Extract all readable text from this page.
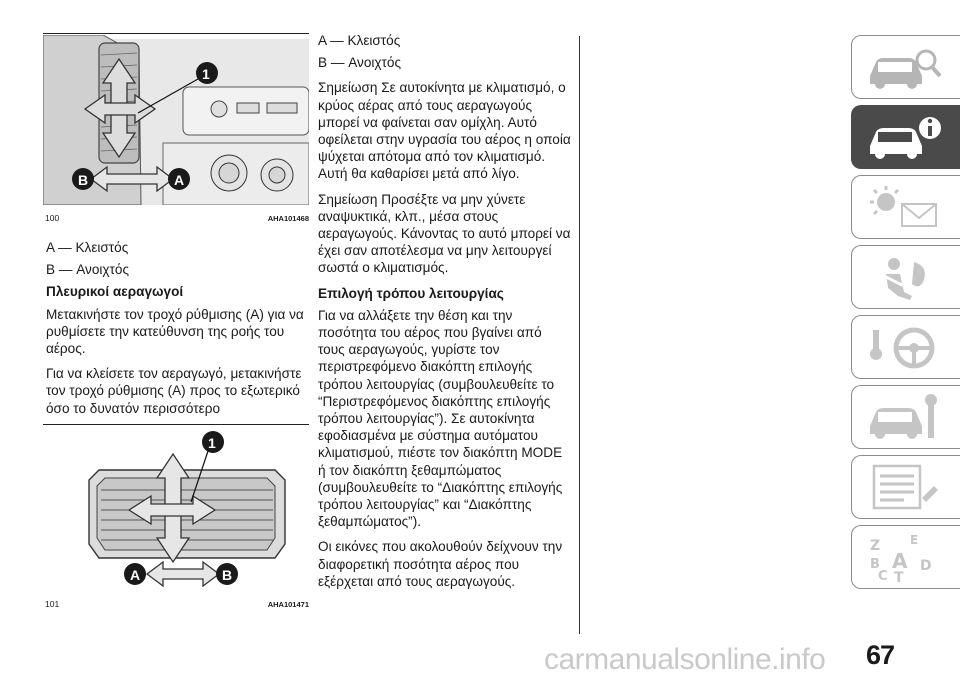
1
B	A
100	AHA101468

A — Κλειστός

B — Ανοιχτός

Πλευρικοί αεραγωγοί

Μετακινήστε τον τροχό ρύθμισης (A) για να ρυθμίσετε την κατεύθυνση της ροής του αέρος.

Για να κλείσετε τον αεραγωγό, μετακινήστε τον τροχό ρύθμισης (A) προς το εξωτερικό όσο το δυνατόν περισσότερο

1
A	B
101	AHA101471

A — Κλειστός

B — Ανοιχτός

Σημείωση Σε αυτοκίνητα με κλιματισμό, ο κρύος αέρας από τους αεραγωγούς μπορεί να φαίνεται σαν ομίχλη. Αυτό οφείλεται στην υγρασία του αέρος η οποία ψύχεται απότομα από τον κλιματισμό. Αυτή θα καθαρίσει μετά από λίγο.

Σημείωση Προσέξτε να μην χύνετε αναψυκτικά, κλπ., μέσα στους αεραγωγούς. Κάνοντας το αυτό μπορεί να έχει σαν αποτέλεσμα να μην λειτουργεί σωστά ο κλιματισμός.

Επιλογή τρόπου λειτουργίας

Για να αλλάξετε την θέση και την ποσότητα του αέρος που βγαίνει από τους αεραγωγούς, γυρίστε τον περιστρεφόμενο διακόπτη επιλογής τρόπου λειτουργίας (συμβουλευθείτε το “Περιστρεφόμενος διακόπτης επιλογής τρόπου λειτουργίας”). Σε αυτοκίνητα εφοδιασμένα με σύστημα αυτόματου κλιματισμού, πιέστε τον διακόπτη MODE ή τον διακόπτη ξεθαμπώματος (συμβουλευθείτε το “Διακόπτης επιλογής τρόπου λειτουργίας” και “Διακόπτης ξεθαμπώματος”).

Οι εικόνες που ακολουθούν δείχνουν την διαφορετική ποσότητα αέρος που εξέρχεται από τους αεραγωγούς.

Z E
A
B	D
C T
67
carmanualsonline.info
